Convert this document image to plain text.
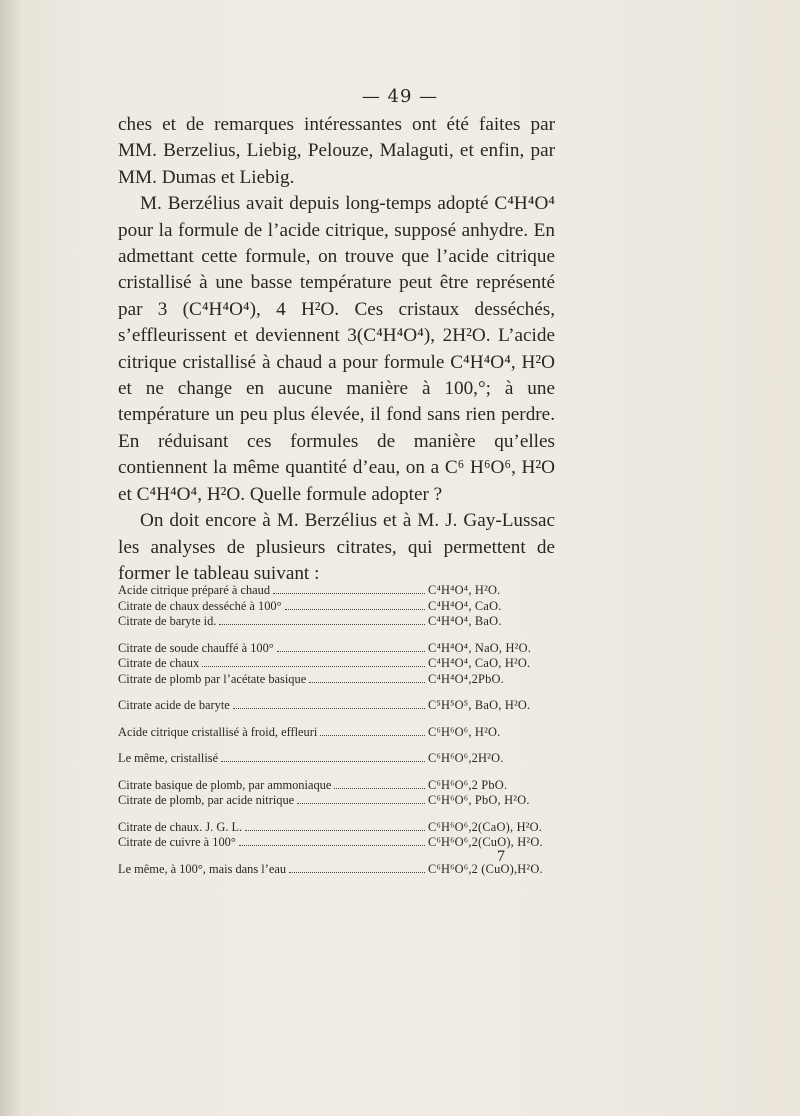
— 49 —

ches et de remarques intéressantes ont été faites par MM. Berzelius, Liebig, Pelouze, Malaguti, et enfin, par MM. Dumas et Liebig.

M. Berzélius avait depuis long-temps adopté C⁴H⁴O⁴ pour la formule de l’acide citrique, supposé anhydre. En admettant cette formule, on trouve que l’acide citrique cristallisé à une basse température peut être représenté par 3 (C⁴H⁴O⁴), 4 H²O. Ces cristaux desséchés, s’effleurissent et deviennent 3(C⁴H⁴O⁴), 2H²O. L’acide citrique cristallisé à chaud a pour formule C⁴H⁴O⁴, H²O et ne change en aucune manière à 100,°; à une température un peu plus élevée, il fond sans rien perdre. En réduisant ces formules de manière qu’elles contiennent la même quantité d’eau, on a C⁶ H⁶O⁶, H²O et C⁴H⁴O⁴, H²O. Quelle formule adopter ?

On doit encore à M. Berzélius et à M. J. Gay-Lussac les analyses de plusieurs citrates, qui permettent de former le tableau suivant :

Acide citrique préparé à chaud	C⁴H⁴O⁴, H²O.
Citrate de chaux desséché à 100°	C⁴H⁴O⁴, CaO.
Citrate de baryte id.	C⁴H⁴O⁴, BaO.
Citrate de soude chauffé à 100°	C⁴H⁴O⁴, NaO, H²O.
Citrate de chaux	C⁴H⁴O⁴, CaO, H²O.
Citrate de plomb par l’acétate basique	C⁴H⁴O⁴,2PbO.
Citrate acide de baryte	C⁵H⁵O⁵, BaO, H²O.
Acide citrique cristallisé à froid, effleuri	C⁶H⁶O⁶, H²O.
Le même, cristallisé	C⁶H⁶O⁶,2H²O.
Citrate basique de plomb, par ammoniaque	C⁶H⁶O⁶,2 PbO.
Citrate de plomb, par acide nitrique	C⁶H⁶O⁶, PbO, H²O.
Citrate de chaux. J. G. L.	C⁶H⁶O⁶,2(CaO), H²O.
Citrate de cuivre à 100°	C⁶H⁶O⁶,2(CuO), H²O.
Le même, à 100°, mais dans l’eau	C⁶H⁶O⁶,2 (CuO),H²O.
7
